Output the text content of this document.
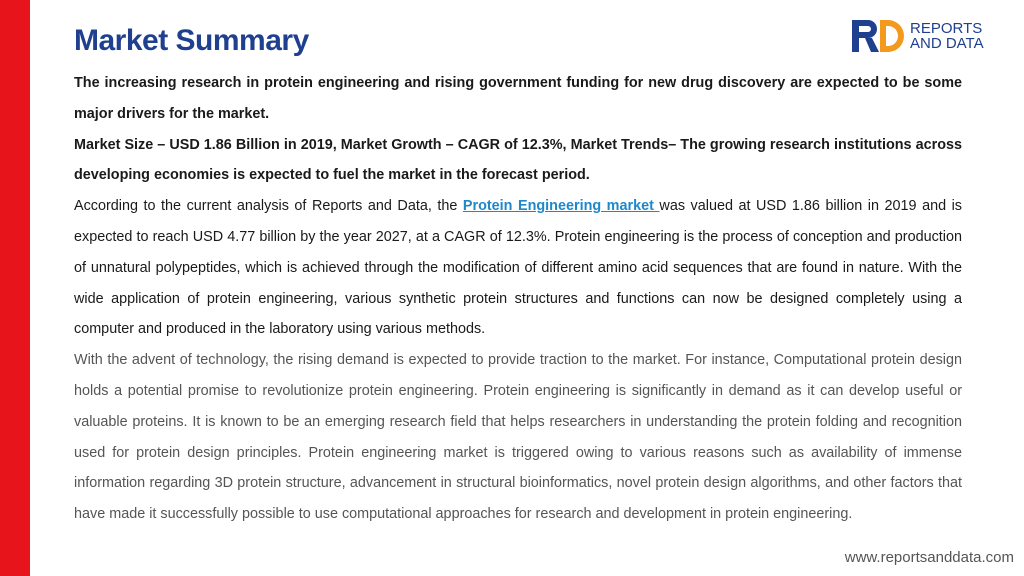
Market Summary	REPORTS
AND DATA

The increasing research in protein engineering and rising government funding for new drug discovery are expected to be some major drivers for the market.

Market Size – USD 1.86 Billion in 2019, Market Growth – CAGR of 12.3%, Market Trends– The growing research institutions across developing economies is expected to fuel the market in the forecast period.

According to the current analysis of Reports and Data, the Protein Engineering market was valued at USD 1.86 billion in 2019 and is expected to reach USD 4.77 billion by the year 2027, at a CAGR of 12.3%. Protein engineering is the process of conception and production of unnatural polypeptides, which is achieved through the modification of different amino acid sequences that are found in nature. With the wide application of protein engineering, various synthetic protein structures and functions can now be designed completely using a computer and produced in the laboratory using various methods.

With the advent of technology, the rising demand is expected to provide traction to the market. For instance, Computational protein design holds a potential promise to revolutionize protein engineering. Protein engineering is significantly in demand as it can develop useful or valuable proteins. It is known to be an emerging research field that helps researchers in understanding the protein folding and recognition used for protein design principles. Protein engineering market is triggered owing to various reasons such as availability of immense information regarding 3D protein structure, advancement in structural bioinformatics, novel protein design algorithms, and other factors that have made it successfully possible to use computational approaches for research and development in protein engineering.

www.reportsanddata.com
